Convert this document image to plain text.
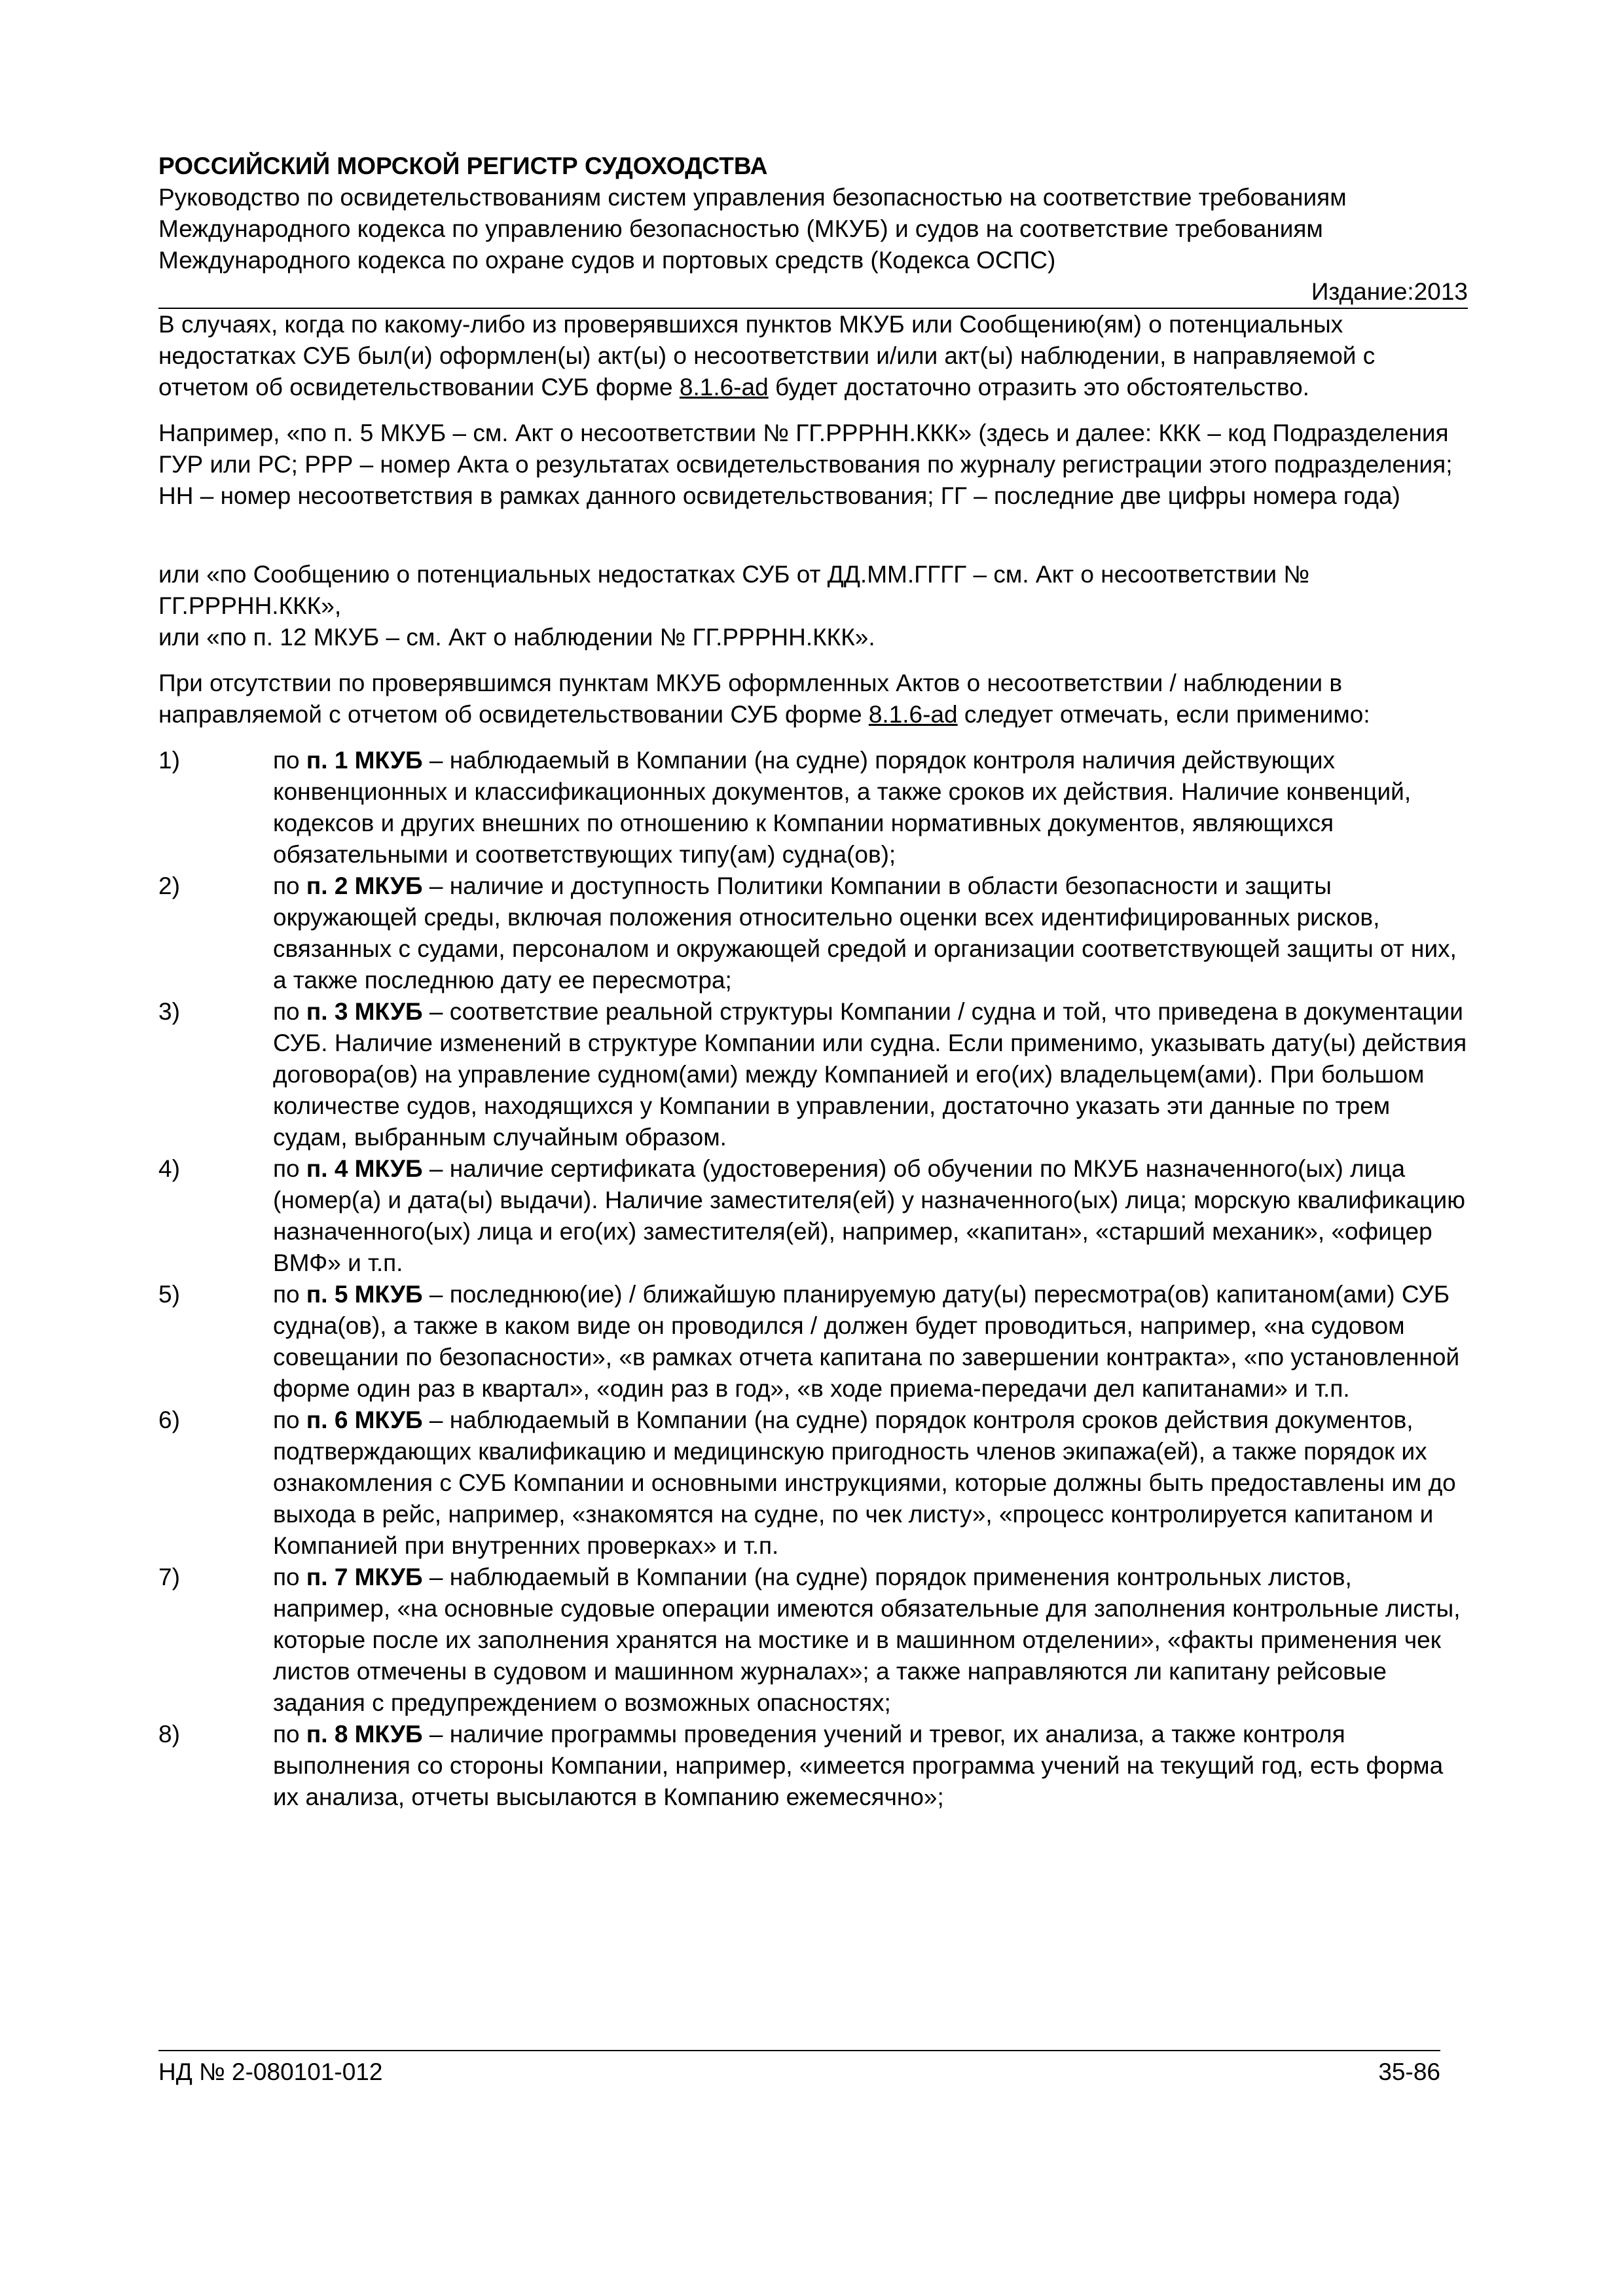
РОССИЙСКИЙ МОРСКОЙ РЕГИСТР СУДОХОДСТВА

Руководство по освидетельствованиям систем управления безопасностью на соответствие требованиям Международного кодекса по управлению безопасностью (МКУБ) и судов на соответствие требованиям Международного кодекса по охране судов и портовых средств (Кодекса ОСПС)

Издание:2013

В случаях, когда по какому-либо из проверявшихся пунктов МКУБ или Сообщению(ям) о потенциальных недостатках СУБ был(и) оформлен(ы) акт(ы) о несоответствии и/или акт(ы) наблюдении, в направляемой с отчетом об освидетельствовании СУБ форме 8.1.6-ad будет достаточно отразить это обстоятельство.

Например, «по п. 5 МКУБ – см. Акт о несоответствии № ГГ.РРРНН.ККК» (здесь и далее: ККК – код Подразделения ГУР или РС; РРР – номер Акта о результатах освидетельствования по журналу регистрации этого подразделения; НН – номер несоответствия в рамках данного освидетельствования; ГГ – последние две цифры номера года)

или «по Сообщению о потенциальных недостатках СУБ от ДД.ММ.ГГГГ – см. Акт о несоответствии № ГГ.РРРНН.ККК»,
или «по п. 12 МКУБ – см. Акт о наблюдении № ГГ.РРРНН.ККК».

При отсутствии по проверявшимся пунктам МКУБ оформленных Актов о несоответствии / наблюдении в направляемой с отчетом об освидетельствовании СУБ форме 8.1.6-ad следует отмечать, если применимо:

1)	по п. 1 МКУБ – наблюдаемый в Компании (на судне) порядок контроля наличия действующих конвенционных и классификационных документов, а также сроков их действия. Наличие конвенций, кодексов и других внешних по отношению к Компании нормативных документов, являющихся обязательными и соответствующих типу(ам) судна(ов);
2)	по п. 2 МКУБ – наличие и доступность Политики Компании в области безопасности и защиты окружающей среды, включая положения относительно оценки всех идентифицированных рисков, связанных с судами, персоналом и окружающей средой и организации соответствующей защиты от них, а также последнюю дату ее пересмотра;
3)	по п. 3 МКУБ – соответствие реальной структуры Компании / судна и той, что приведена в документации СУБ. Наличие изменений в структуре Компании или судна. Если применимо, указывать дату(ы) действия договора(ов) на управление судном(ами) между Компанией и его(их) владельцем(ами). При большом количестве судов, находящихся у Компании в управлении, достаточно указать эти данные по трем судам, выбранным случайным образом.
4)	по п. 4 МКУБ – наличие сертификата (удостоверения) об обучении по МКУБ назначенного(ых) лица (номер(а) и дата(ы) выдачи). Наличие заместителя(ей) у назначенного(ых) лица; морскую квалификацию назначенного(ых) лица и его(их) заместителя(ей), например, «капитан», «старший механик», «офицер ВМФ» и т.п.
5)	по п. 5 МКУБ – последнюю(ие) / ближайшую планируемую дату(ы) пересмотра(ов) капитаном(ами) СУБ судна(ов), а также в каком виде он проводился / должен будет проводиться, например, «на судовом совещании по безопасности», «в рамках отчета капитана по завершении контракта», «по установленной форме один раз в квартал», «один раз в год», «в ходе приема-передачи дел капитанами» и т.п.
6)	по п. 6 МКУБ – наблюдаемый в Компании (на судне) порядок контроля сроков действия документов, подтверждающих квалификацию и медицинскую пригодность членов экипажа(ей), а также порядок их ознакомления с СУБ Компании и основными инструкциями, которые должны быть предоставлены им до выхода в рейс, например, «знакомятся на судне, по чек листу», «процесс контролируется капитаном и Компанией при внутренних проверках» и т.п.
7)	по п. 7 МКУБ – наблюдаемый в Компании (на судне) порядок применения контрольных листов, например, «на основные судовые операции имеются обязательные для заполнения контрольные листы, которые после их заполнения хранятся на мостике и в машинном отделении», «факты применения чек листов отмечены в судовом и машинном журналах»; а также направляются ли капитану рейсовые задания с предупреждением о возможных опасностях;
8)	по п. 8 МКУБ – наличие программы проведения учений и тревог, их анализа, а также контроля выполнения со стороны Компании, например, «имеется программа учений на текущий год, есть форма их анализа, отчеты высылаются в Компанию ежемесячно»;
НД № 2-080101-012	35-86
